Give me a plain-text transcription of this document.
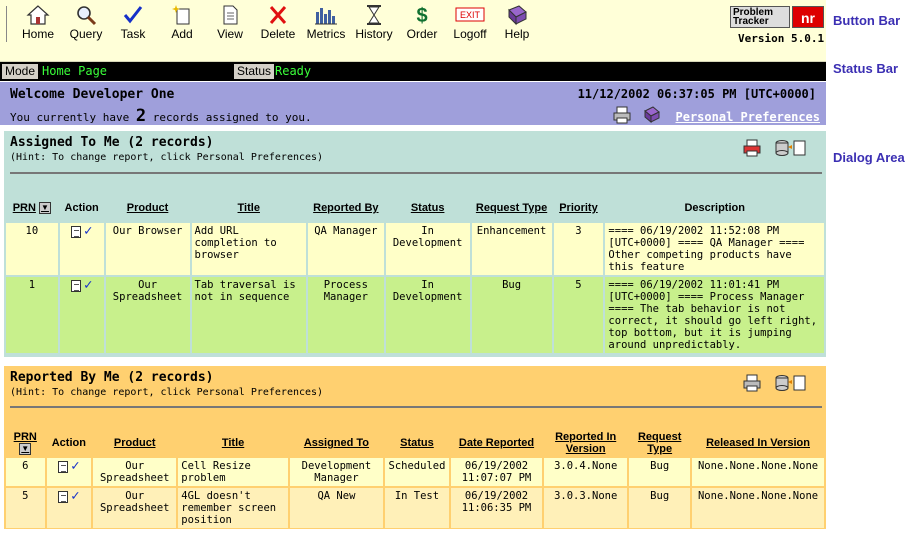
Home	Query	Task	Add	View	Delete Metrics History
$
Order
EXIT
Logoff	Help
Problem
Tracker	nr
Version 5.0.1
Button Bar
Status Bar
Dialog Area
Mode Home Page	Status Ready
Welcome Developer One	11/12/2002 06:37:05 PM [UTC+0000]
You currently have 2 records assigned to you.	Personal Preferences
Assigned To Me (2 records)
(Hint: To change report, click Personal Preferences)
PRN ▼	Action	Product	Title	Reported By	Status	Request Type	Priority	Description
10	✓	Our Browser	Add URL completion to browser	QA Manager	In Development	Enhancement	3	==== 06/19/2002 11:52:08 PM [UTC+0000] ==== QA Manager ==== Other competing products have this feature
1	✓	Our Spreadsheet	Tab traversal is not in sequence	Process Manager	In Development	Bug	5	==== 06/19/2002 11:01:41 PM [UTC+0000] ==== Process Manager ==== The tab behavior is not correct, it should go left right, top bottom, but it is jumping around unpredictably.
Reported By Me (2 records)
(Hint: To change report, click Personal Preferences)
PRN ▼	Action	Product	Title	Assigned To	Status	Date Reported	Reported In Version	Request Type	Released In Version
6	✓	Our Spreadsheet	Cell Resize problem	Development Manager	Scheduled	06/19/2002 11:07:07 PM	3.0.4.None	Bug	None.None.None.None
5	✓	Our Spreadsheet	4GL doesn't remember screen position	QA New	In Test	06/19/2002 11:06:35 PM	3.0.3.None	Bug	None.None.None.None
